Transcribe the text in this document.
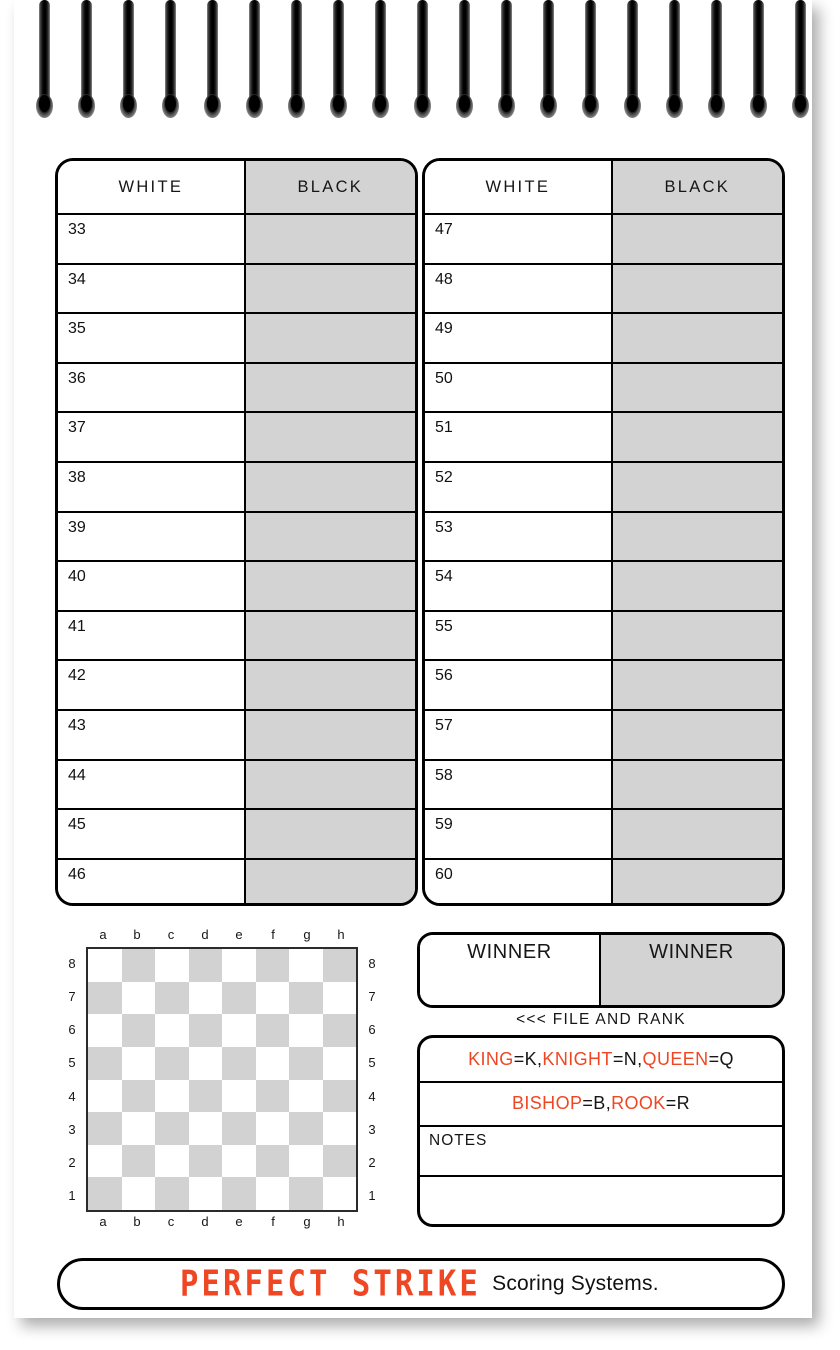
WHITE	BLACK
33
34
35
36
37
38
39
40
41
42
43
44
45
46
WHITE	BLACK
47
48
49
50
51
52
53
54
55
56
57
58
59
60
a	b	c	d	e	f	g	h
a	b	c	d	e	f	g	h
8
7
6
5
4
3
2
1
8
7
6
5
4
3
2
1
WINNER	WINNER
<<< FILE AND RANK
KING =K, KNIGHT =N, QUEEN =Q
BISHOP =B, ROOK =R
NOTES
PERFECT STRIKE Scoring Systems.
